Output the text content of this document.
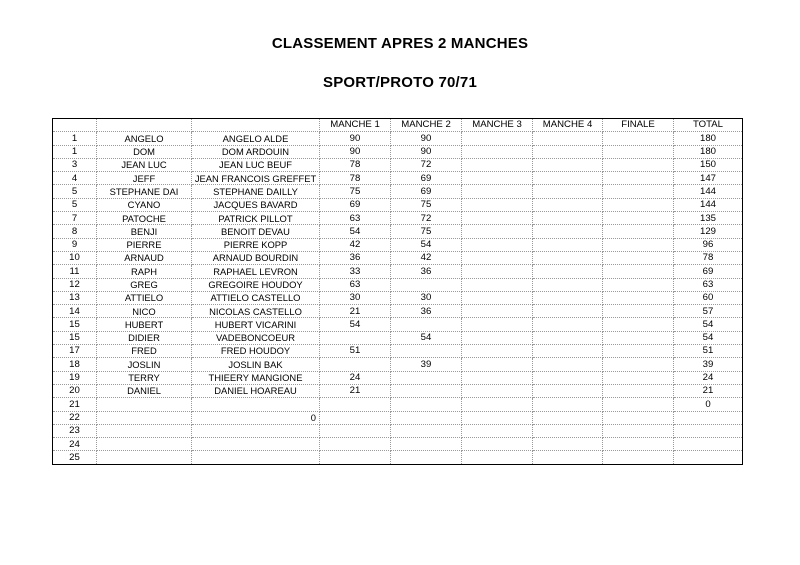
CLASSEMENT APRES 2 MANCHES
SPORT/PROTO 70/71
			MANCHE 1	MANCHE 2	MANCHE 3	MANCHE 4	FINALE	TOTAL
1	ANGELO	ANGELO ALDE	90	90				180
1	DOM	DOM ARDOUIN	90	90				180
3	JEAN LUC	JEAN LUC BEUF	78	72				150
4	JEFF	JEAN FRANCOIS GREFFET	78	69				147
5	STEPHANE DAI	STEPHANE DAILLY	75	69				144
5	CYANO	JACQUES BAVARD	69	75				144
7	PATOCHE	PATRICK PILLOT	63	72				135
8	BENJI	BENOIT DEVAU	54	75				129
9	PIERRE	PIERRE KOPP	42	54				96
10	ARNAUD	ARNAUD BOURDIN	36	42				78
11	RAPH	RAPHAEL LEVRON	33	36				69
12	GREG	GREGOIRE HOUDOY	63					63
13	ATTIELO	ATTIELO CASTELLO	30	30				60
14	NICO	NICOLAS CASTELLO	21	36				57
15	HUBERT	HUBERT VICARINI	54					54
15	DIDIER	VADEBONCOEUR		54				54
17	FRED	FRED HOUDOY	51					51
18	JOSLIN	JOSLIN BAK		39				39
19	TERRY	THIEERY MANGIONE	24					24
20	DANIEL	DANIEL HOAREAU	21					21
21								0
22		0						
23								
24								
25								
